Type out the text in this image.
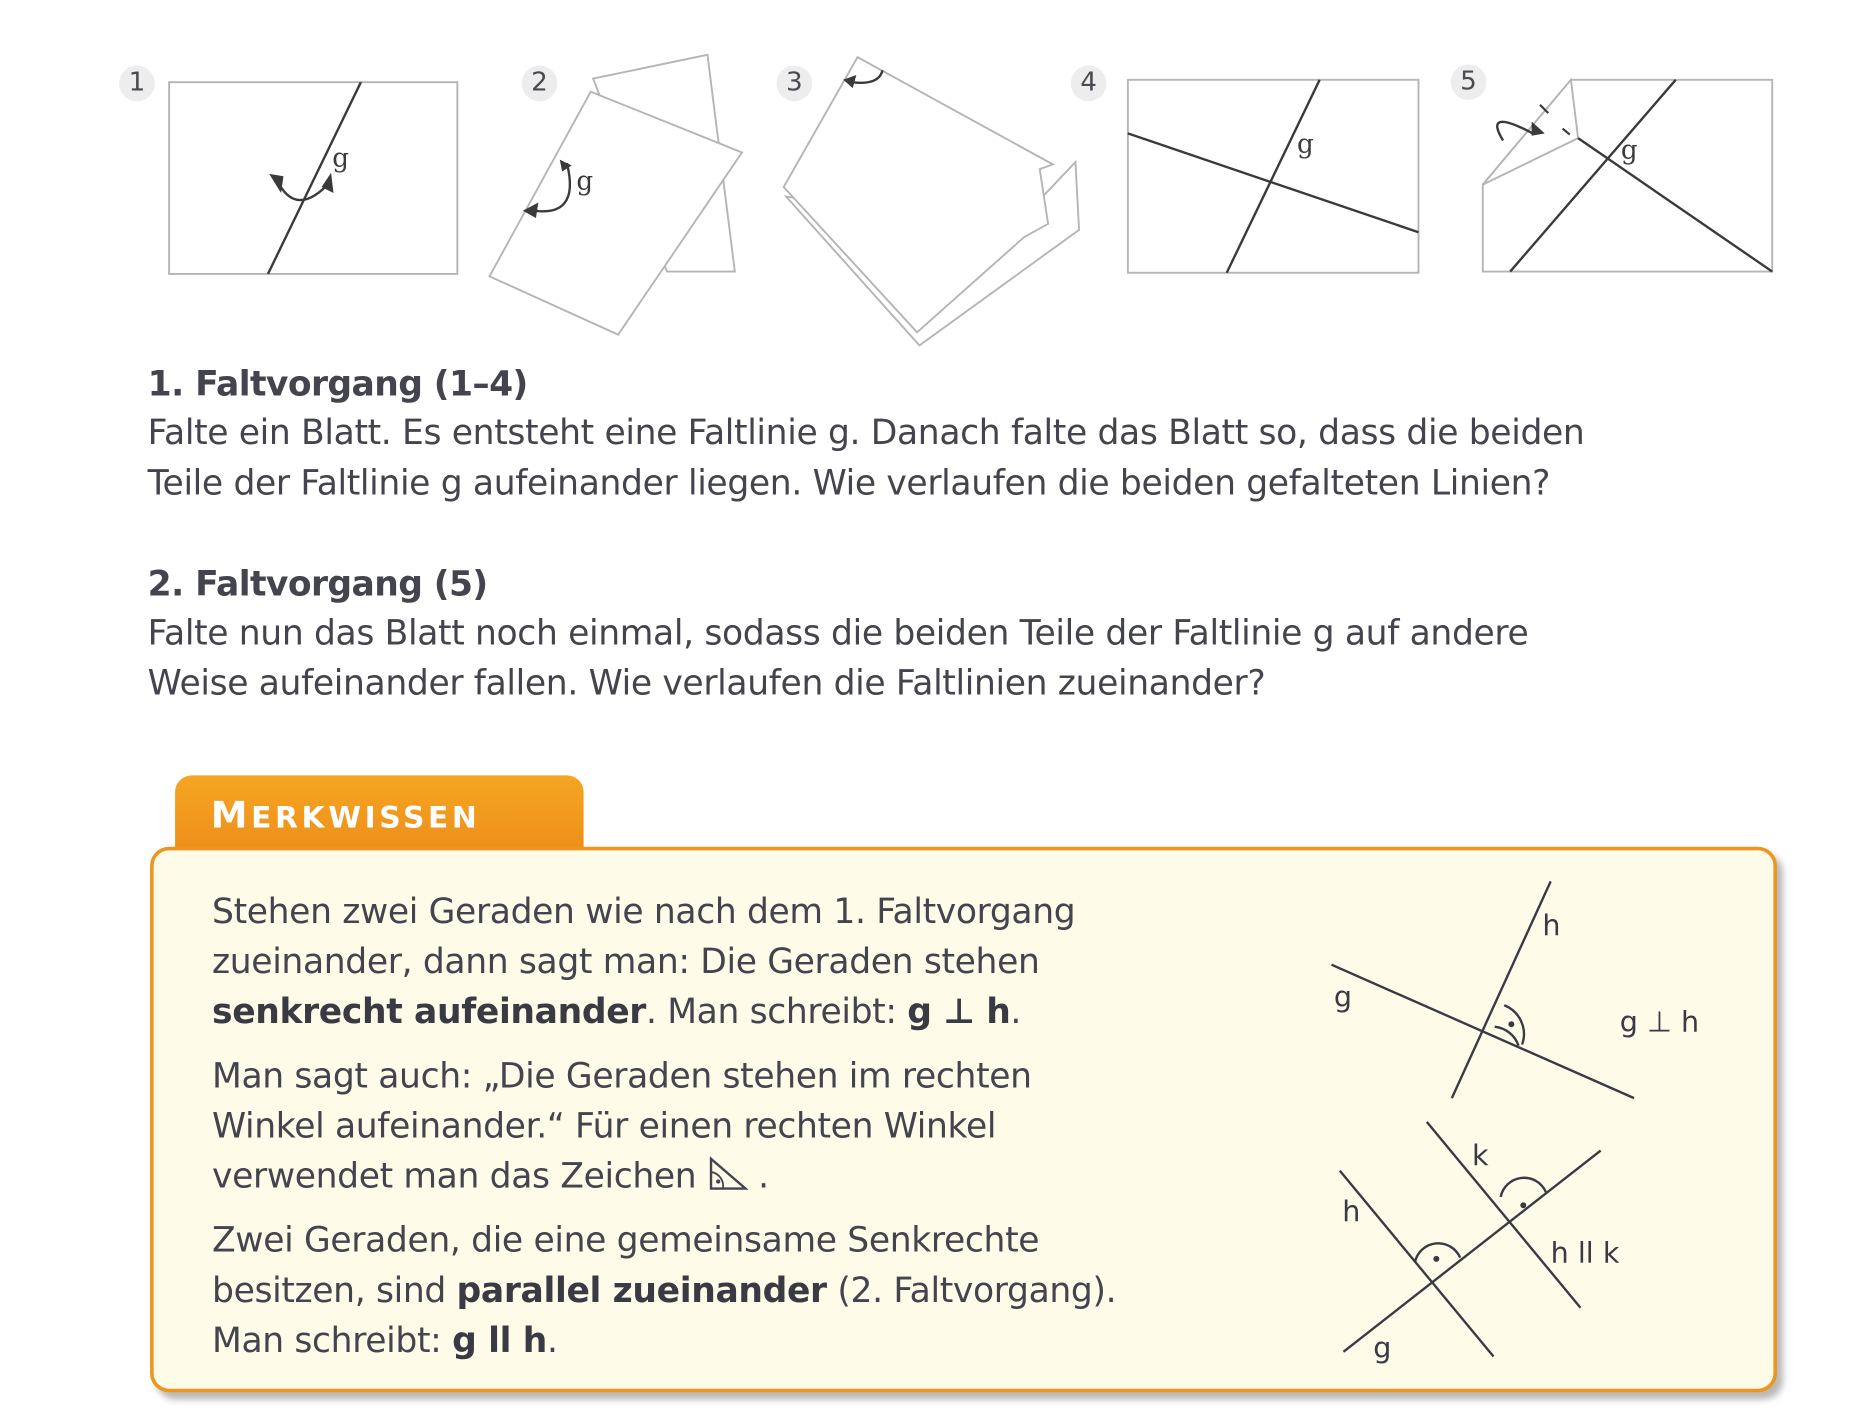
g
g
g	g
1	2	3	4	5
1. Faltvorgang (1–4)

Falte ein Blatt. Es entsteht eine Faltlinie g. Danach falte das Blatt so, dass die beiden

Teile der Faltlinie g aufeinander liegen. Wie verlaufen die beiden gefalteten Linien?

2. Faltvorgang (5)

Falte nun das Blatt noch einmal, sodass die beiden Teile der Faltlinie g auf andere

Weise aufeinander fallen. Wie verlaufen die Faltlinien zueinander?

MERKWISSEN

Stehen zwei Geraden wie nach dem 1. Faltvorgang
zueinander, dann sagt man: Die Geraden stehen
senkrecht aufeinander. Man schreibt: g ⊥ h.

Man sagt auch: „Die Geraden stehen im rechten
Winkel aufeinander.“ Für einen rechten Winkel
verwendet man das Zeichen  .

Zwei Geraden, die eine gemeinsame Senkrechte
besitzen, sind parallel zueinander (2. Faltvorgang).
Man schreibt: g ll h.

g
h
g ⊥ h
h
k
g
h ll k
